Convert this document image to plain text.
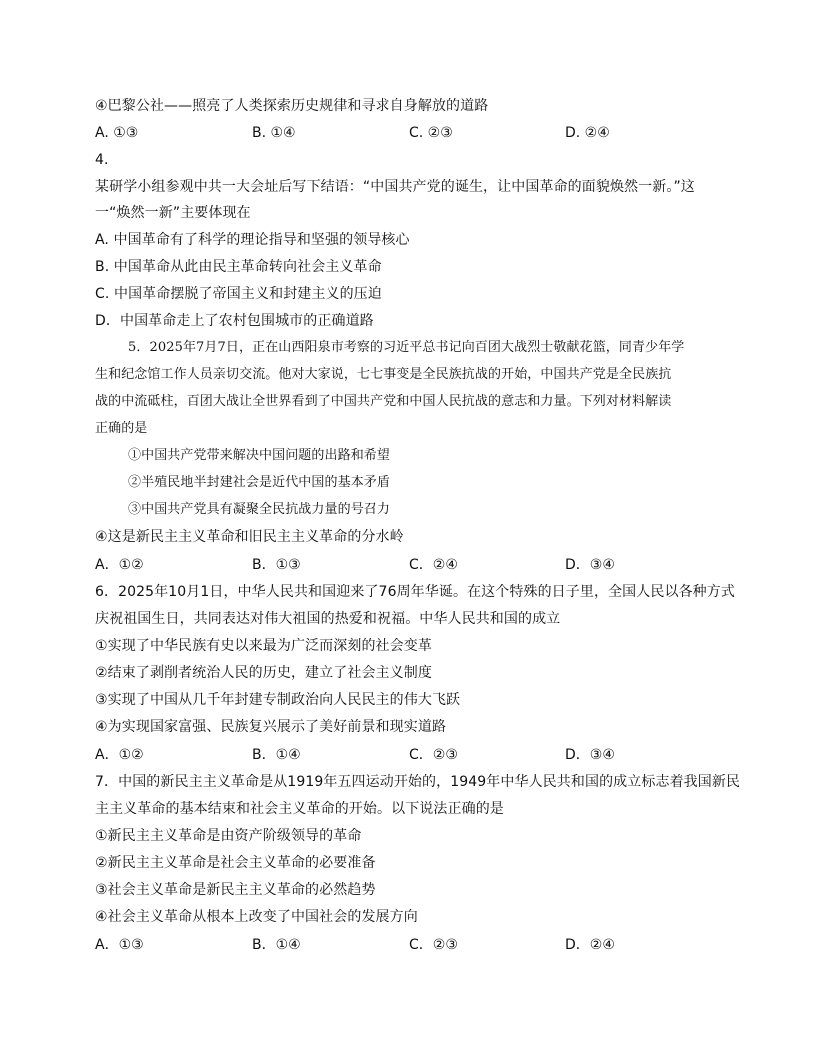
④巴黎公社——照亮了人类探索历史规律和寻求自身解放的道路
A. ①③	B. ①④	C. ②③	D. ②④
4.
某研学小组参观中共一大会址后写下结语：“中国共产党的诞生，让中国革命的面貌焕然一新。”这
一“焕然一新”主要体现在
A. 中国革命有了科学的理论指导和坚强的领导核心
B. 中国革命从此由民主革命转向社会主义革命
C. 中国革命摆脱了帝国主义和封建主义的压迫
D．中国革命走上了农村包围城市的正确道路
5．2025年7月7日，正在山西阳泉市考察的习近平总书记向百团大战烈士敬献花篮，同青少年学
生和纪念馆工作人员亲切交流。他对大家说，七七事变是全民族抗战的开始，中国共产党是全民族抗
战的中流砥柱，百团大战让全世界看到了中国共产党和中国人民抗战的意志和力量。下列对材料解读
正确的是
①中国共产党带来解决中国问题的出路和希望
②半殖民地半封建社会是近代中国的基本矛盾
③中国共产党具有凝聚全民抗战力量的号召力
④这是新民主主义革命和旧民主主义革命的分水岭
A．①②	B．①③	C．②④	D．③④
6．2025年10月1日，中华人民共和国迎来了76周年华诞。在这个特殊的日子里，全国人民以各种方式
庆祝祖国生日，共同表达对伟大祖国的热爱和祝福。中华人民共和国的成立
①实现了中华民族有史以来最为广泛而深刻的社会变革
②结束了剥削者统治人民的历史，建立了社会主义制度
③实现了中国从几千年封建专制政治向人民民主的伟大飞跃
④为实现国家富强、民族复兴展示了美好前景和现实道路
A．①②	B．①④	C．②③	D．③④
7．中国的新民主主义革命是从1919年五四运动开始的，1949年中华人民共和国的成立标志着我国新民
主主义革命的基本结束和社会主义革命的开始。以下说法正确的是
①新民主主义革命是由资产阶级领导的革命
②新民主主义革命是社会主义革命的必要准备
③社会主义革命是新民主主义革命的必然趋势
④社会主义革命从根本上改变了中国社会的发展方向
A．①③	B．①④	C．②③	D．②④
